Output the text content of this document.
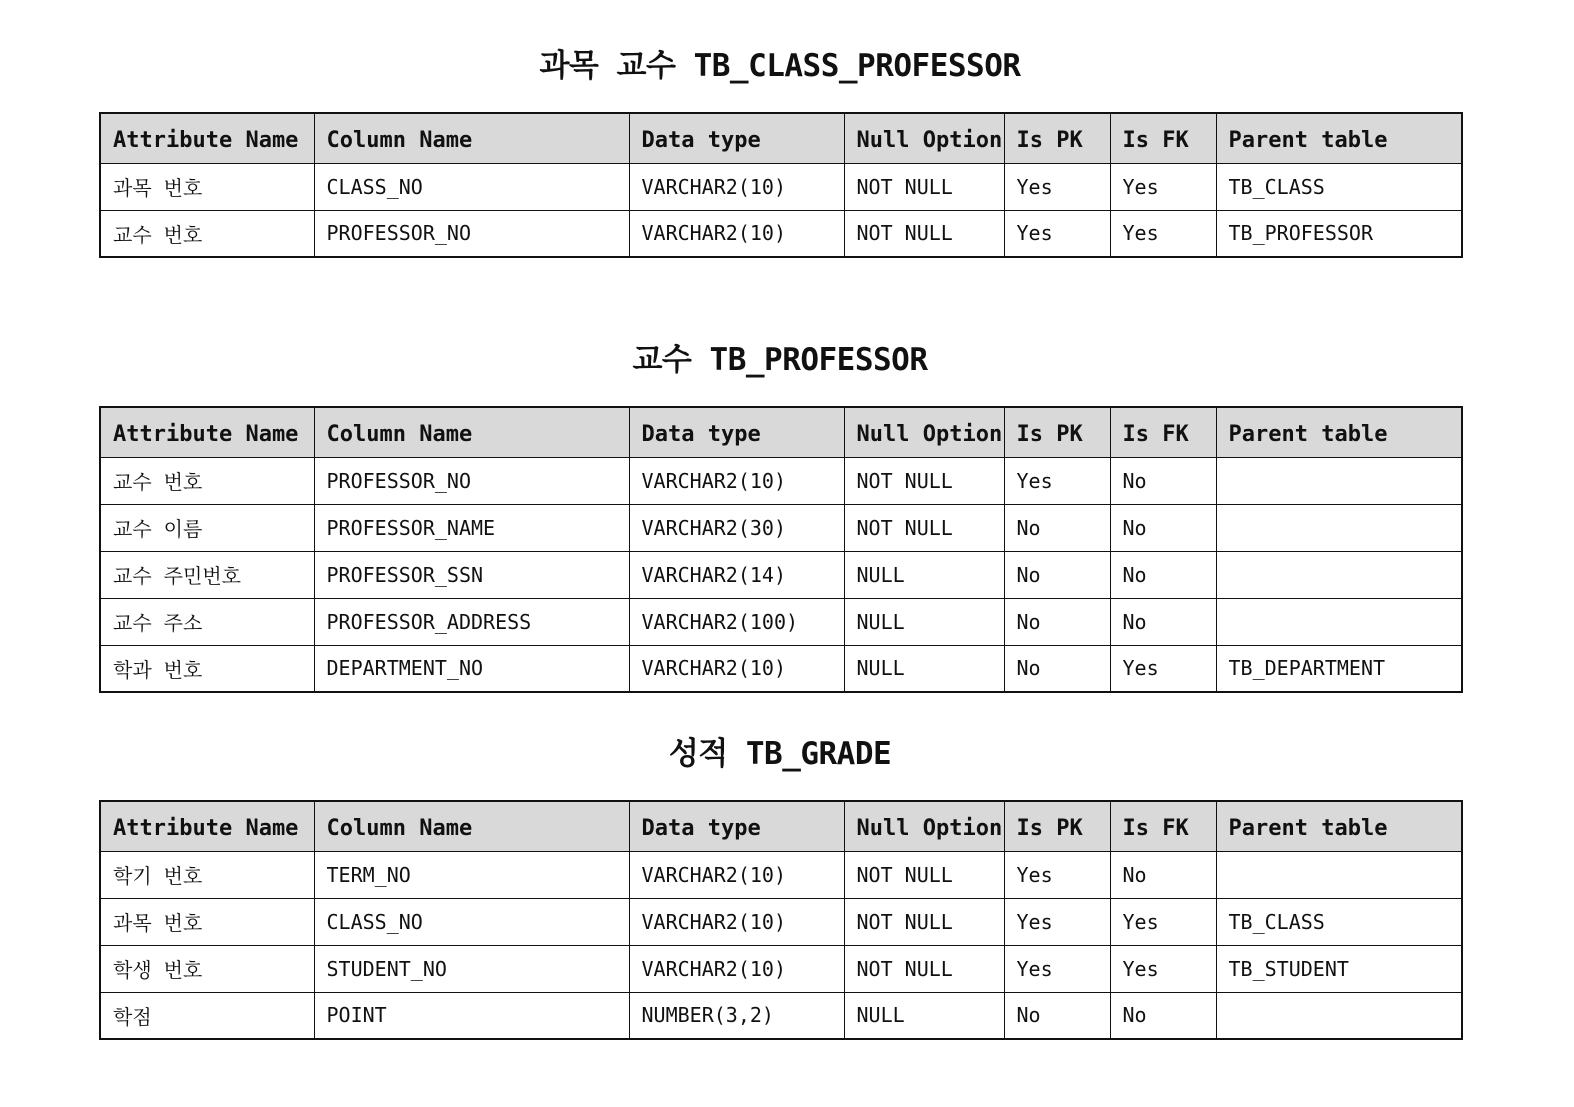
과목 교수 TB_CLASS_PROFESSOR
Attribute Name	Column Name	Data type	Null Option	Is PK	Is FK	Parent table
과목 번호	CLASS_NO	VARCHAR2(10)	NOT NULL	Yes	Yes	TB_CLASS
교수 번호	PROFESSOR_NO	VARCHAR2(10)	NOT NULL	Yes	Yes	TB_PROFESSOR
교수 TB_PROFESSOR
Attribute Name	Column Name	Data type	Null Option	Is PK	Is FK	Parent table
교수 번호	PROFESSOR_NO	VARCHAR2(10)	NOT NULL	Yes	No	
교수 이름	PROFESSOR_NAME	VARCHAR2(30)	NOT NULL	No	No	
교수 주민번호	PROFESSOR_SSN	VARCHAR2(14)	NULL	No	No	
교수 주소	PROFESSOR_ADDRESS	VARCHAR2(100)	NULL	No	No	
학과 번호	DEPARTMENT_NO	VARCHAR2(10)	NULL	No	Yes	TB_DEPARTMENT
성적 TB_GRADE
Attribute Name	Column Name	Data type	Null Option	Is PK	Is FK	Parent table
학기 번호	TERM_NO	VARCHAR2(10)	NOT NULL	Yes	No	
과목 번호	CLASS_NO	VARCHAR2(10)	NOT NULL	Yes	Yes	TB_CLASS
학생 번호	STUDENT_NO	VARCHAR2(10)	NOT NULL	Yes	Yes	TB_STUDENT
학점	POINT	NUMBER(3,2)	NULL	No	No	
